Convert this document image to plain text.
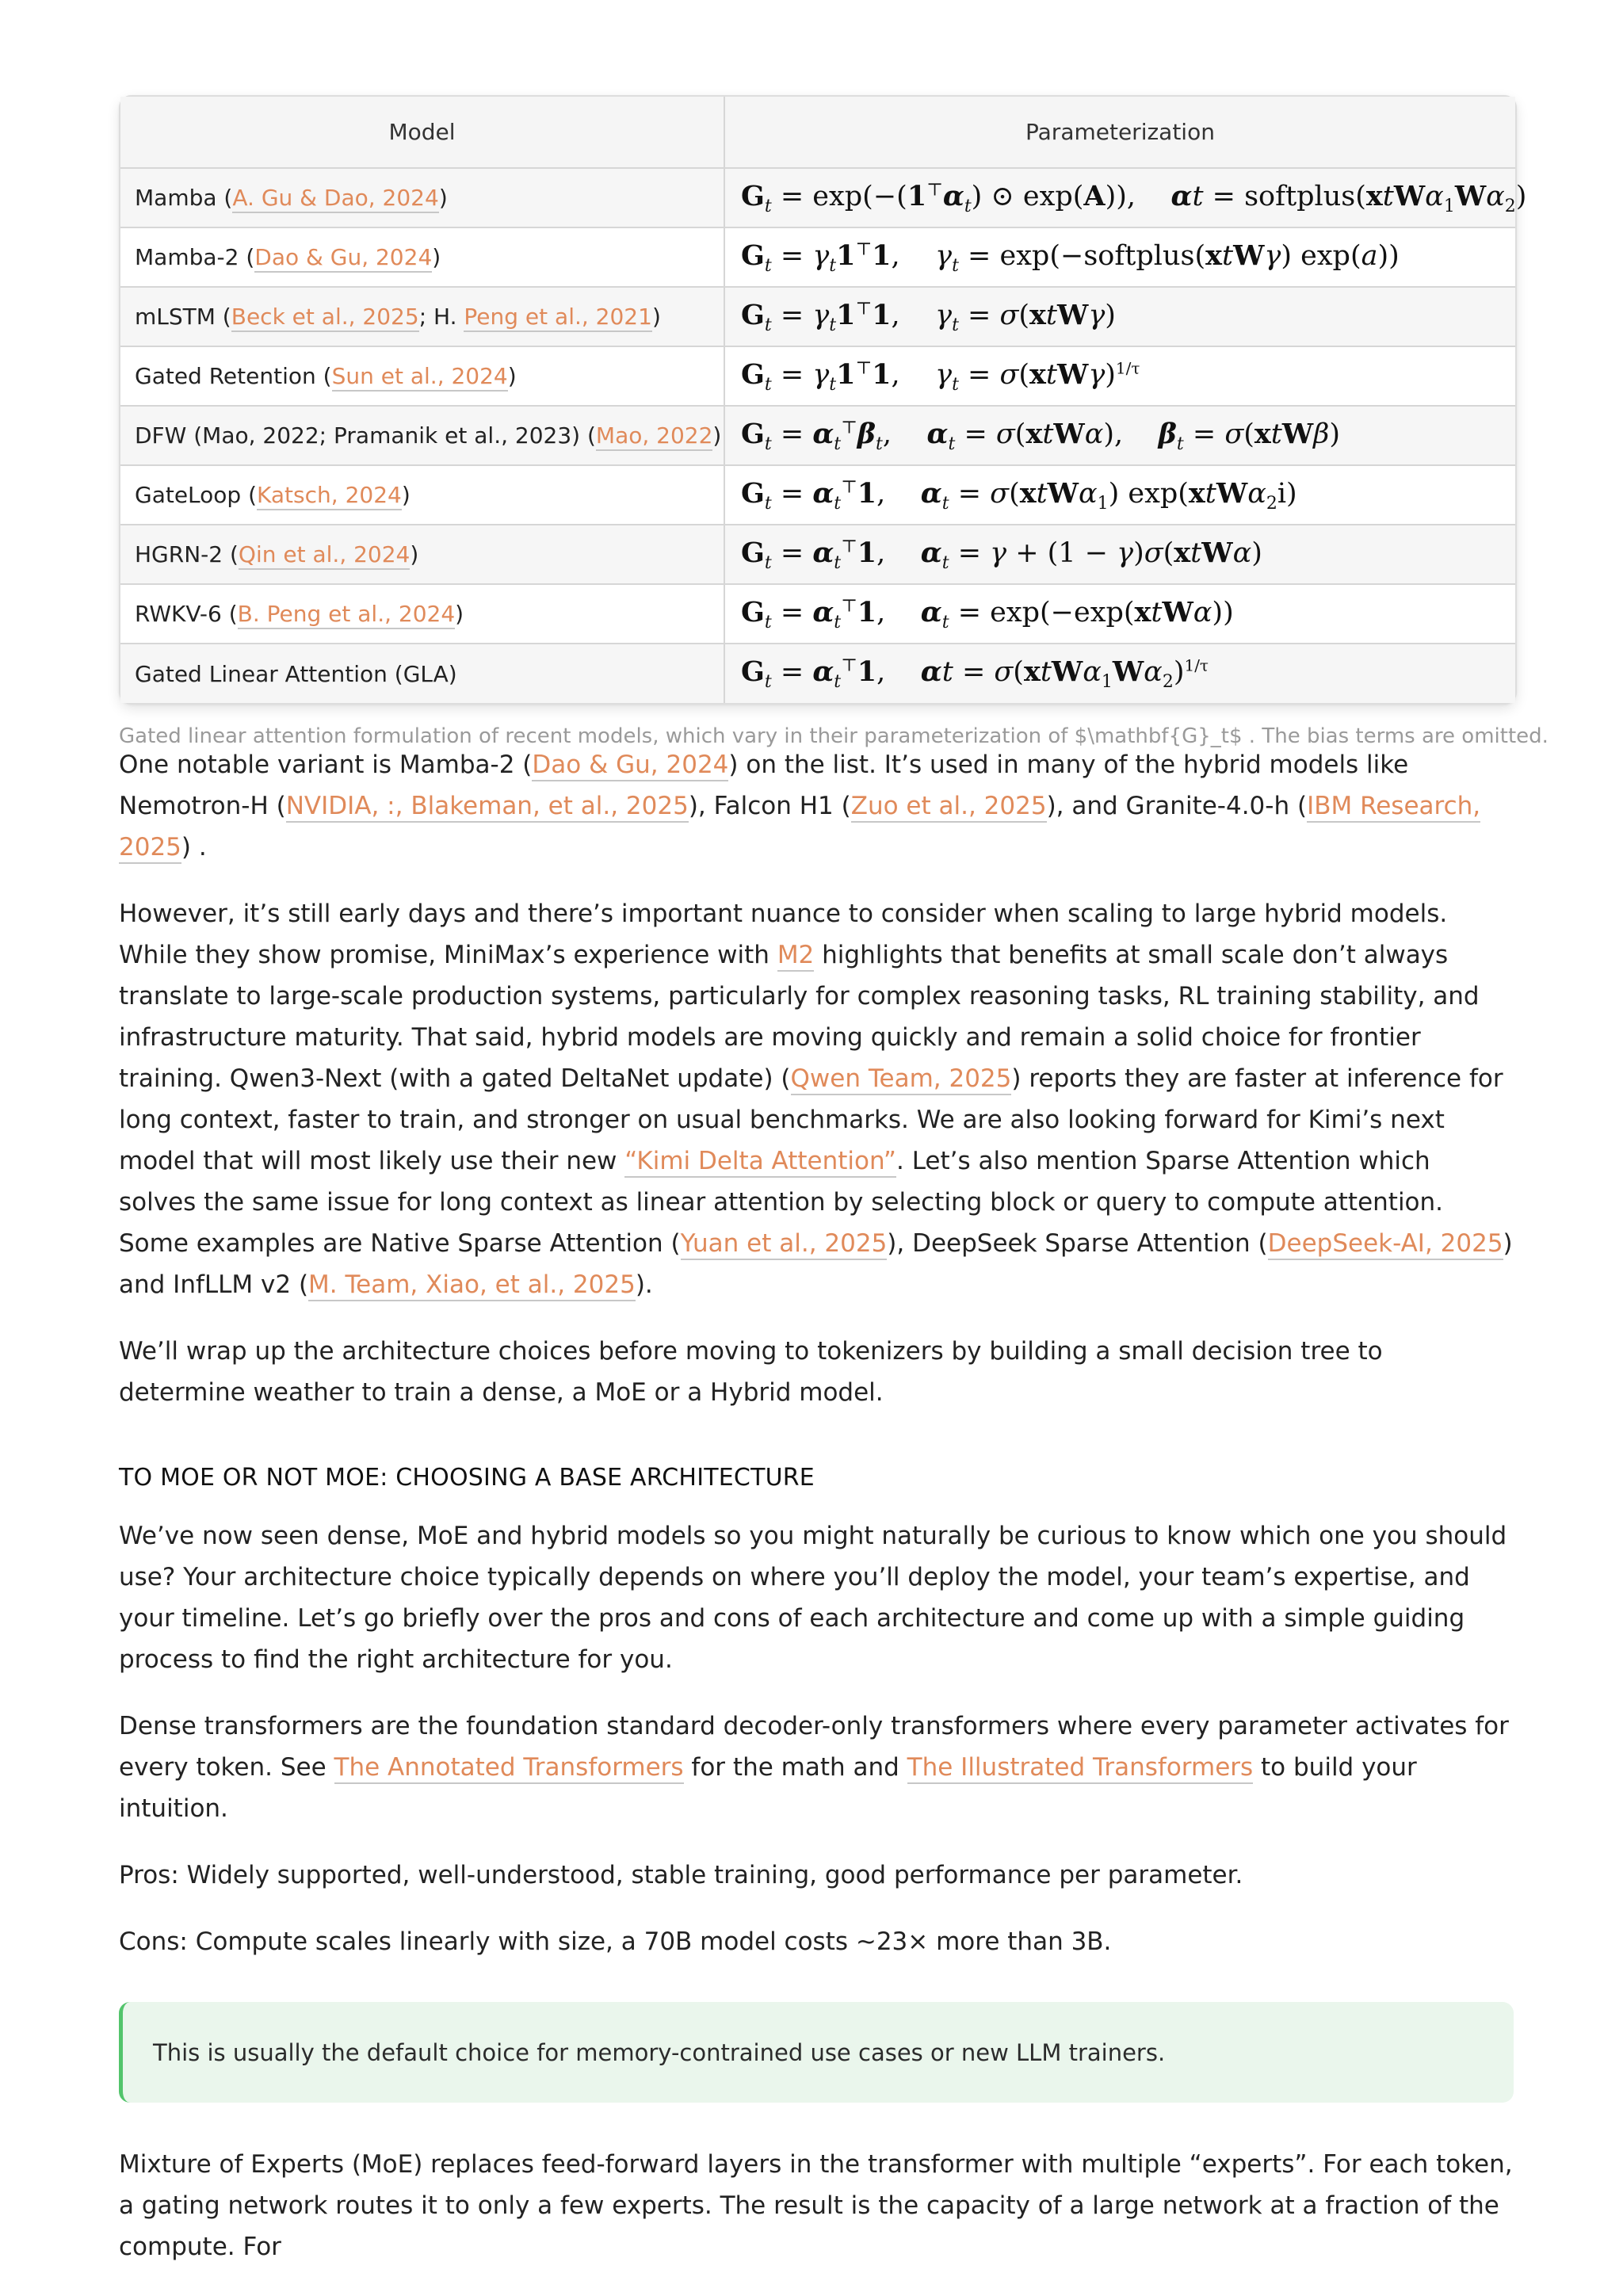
Model	Parameterization
Mamba (A. Gu & Dao, 2024)	$G_t = \exp(-(1^⊤\alpha_t)$ ⊙ exp(A)),    $\alpha t = softplus(xtW\alpha_1W\alpha_2)$
Mamba-2 (Dao & Gu, 2024)	$G_t = \gamma_t1^⊤1$,    $\gamma_t$ = exp(−softplus(xtWγ) exp(a))
mLSTM (Beck et al., 2025; H. Peng et al., 2021)	$G_t = \gamma_t1^⊤1$,    $\gamma_t = \sigma(xtW\gamma)$
Gated Retention (Sun et al., 2024)	$G_t = \gamma_t1^⊤1$,    $\gamma_t = \sigma(xtW\gamma)^{1/\tau}$
DFW (Mao, 2022; Pramanik et al., 2023) (Mao, 2022)	$G_t = \alpha_t^⊤\beta_t$,    $\alpha_t = \sigma(xtW\alpha)$,    $\beta_t = \sigma(xtW\beta)$
GateLoop (Katsch, 2024)	$G_t = \alpha_t^⊤1$,    $\alpha_t = \sigma(xtW\alpha_1)$ exp(xtWα$_2$i)
HGRN-2 (Qin et al., 2024)	$G_t = \alpha_t^⊤1$,    $\alpha_t = \gamma + (1 - \gamma)\sigma(xtW\alpha)$
RWKV-6 (B. Peng et al., 2024)	$G_t = \alpha_t^⊤1$,    $\alpha_t = \exp(-\exp(xtW\alpha))$
Gated Linear Attention (GLA)	$G_t = \alpha_t^⊤1$,    $\alpha t = \sigma(xtW\alpha_1W\alpha_2)^{1/\tau}$
Gated linear attention formulation of recent models, which vary in their parameterization of $\mathbf{G}_t$ . The bias terms are omitted.

One notable variant is Mamba-2 (Dao & Gu, 2024) on the list. It’s used in many of the hybrid models like Nemotron-H (NVIDIA, :, Blakeman, et al., 2025), Falcon H1 (Zuo et al., 2025), and Granite-4.0-h (IBM Research, 2025) .

However, it’s still early days and there’s important nuance to consider when scaling to large hybrid models. While they show promise, MiniMax’s experience with M2 highlights that benefits at small scale don’t always translate to large-scale production systems, particularly for complex reasoning tasks, RL training stability, and infrastructure maturity. That said, hybrid models are moving quickly and remain a solid choice for frontier training. Qwen3-Next (with a gated DeltaNet update) (Qwen Team, 2025) reports they are faster at inference for long context, faster to train, and stronger on usual benchmarks. We are also looking forward for Kimi’s next model that will most likely use their new “Kimi Delta Attention”. Let’s also mention Sparse Attention which solves the same issue for long context as linear attention by selecting block or query to compute attention. Some examples are Native Sparse Attention (Yuan et al., 2025), DeepSeek Sparse Attention (DeepSeek-AI, 2025) and InfLLM v2 (M. Team, Xiao, et al., 2025).

We’ll wrap up the architecture choices before moving to tokenizers by building a small decision tree to determine weather to train a dense, a MoE or a Hybrid model.

TO MOE OR NOT MOE: CHOOSING A BASE ARCHITECTURE

We’ve now seen dense, MoE and hybrid models so you might naturally be curious to know which one you should use? Your architecture choice typically depends on where you’ll deploy the model, your team’s expertise, and your timeline. Let’s go briefly over the pros and cons of each architecture and come up with a simple guiding process to find the right architecture for you.

Dense transformers are the foundation standard decoder-only transformers where every parameter activates for every token. See The Annotated Transformers for the math and The Illustrated Transformers to build your intuition.

Pros: Widely supported, well-understood, stable training, good performance per parameter.

Cons: Compute scales linearly with size, a 70B model costs ~23× more than 3B.

This is usually the default choice for memory-contrained use cases or new LLM trainers.

Mixture of Experts (MoE) replaces feed-forward layers in the transformer with multiple “experts”. For each token, a gating network routes it to only a few experts. The result is the capacity of a large network at a fraction of the compute. For
